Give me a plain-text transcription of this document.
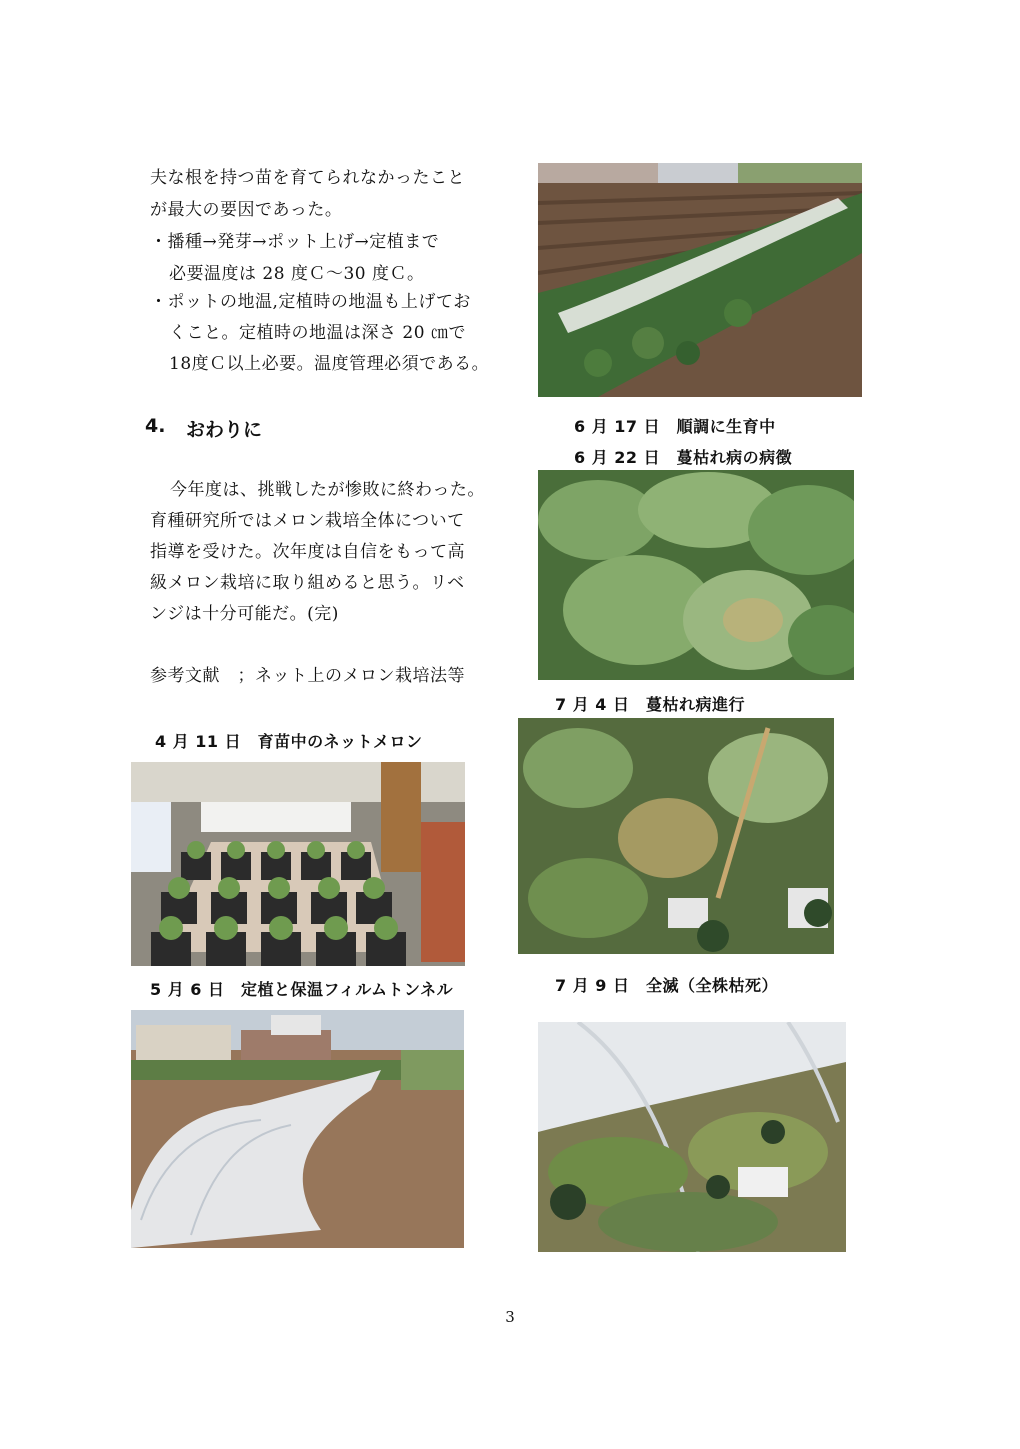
夫な根を持つ苗を育てられなかったこと
が最大の要因であった。
・播種→発芽→ポット上げ→定植まで
必要温度は 28 度Ｃ～30 度Ｃ。
・ポットの地温,定植時の地温も上げてお
くこと。定植時の地温は深さ 20 ㎝で
18度Ｃ以上必要。温度管理必須である。
4. おわりに
今年度は、挑戦したが惨敗に終わった。
育種研究所ではメロン栽培全体について
指導を受けた。次年度は自信をもって高
級メロン栽培に取り組めると思う。リベ
ンジは十分可能だ。(完)
参考文献　；ネット上のメロン栽培法等
4 月 11 日　育苗中のネットメロン
5 月 6 日　定植と保温フィルムトンネル
6 月 17 日　順調に生育中
6 月 22 日　蔓枯れ病の病徴
7 月 4 日　蔓枯れ病進行
7 月 9 日　全滅（全株枯死）
3
